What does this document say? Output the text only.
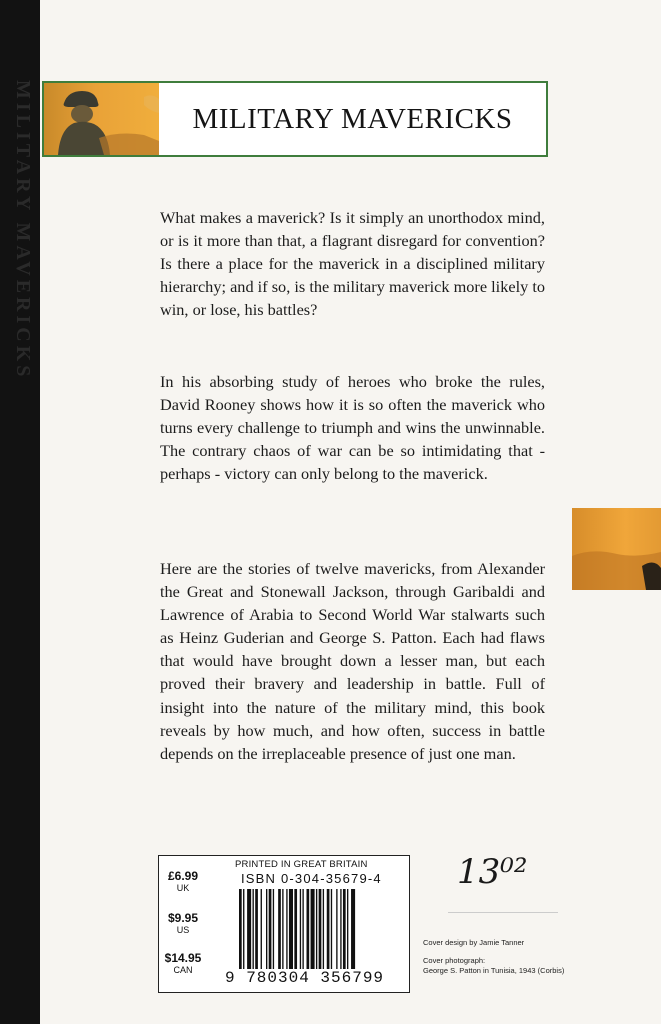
MILITARY MAVERICKS	MILITARY MAVERICKS
What makes a maverick? Is it simply an unorthodox mind, or is it more than that, a flagrant disregard for convention? Is there a place for the maverick in a disciplined military hierarchy; and if so, is the military maverick more likely to win, or lose, his battles?
In his absorbing study of heroes who broke the rules, David Rooney shows how it is so often the maverick who turns every challenge to triumph and wins the unwinnable. The contrary chaos of war can be so intimidating that - perhaps - victory can only belong to the maverick.
Here are the stories of twelve mavericks, from Alexander the Great and Stonewall Jackson, through Garibaldi and Lawrence of Arabia to Second World War stalwarts such as Heinz Guderian and George S. Patton. Each had flaws that would have brought down a lesser man, but each proved their bravery and leadership in battle. Full of insight into the nature of the military mind, this book reveals by how much, and how often, success in battle depends on the irreplaceable presence of just one man.
£6.99
UK
$9.95
US
$14.95
CAN
PRINTED IN GREAT BRITAIN
ISBN 0-304-35679-4
9 780304 356799
13⁰²
Cover design by Jamie Tanner
Cover photograph:
George S. Patton in Tunisia, 1943 (Corbis)
